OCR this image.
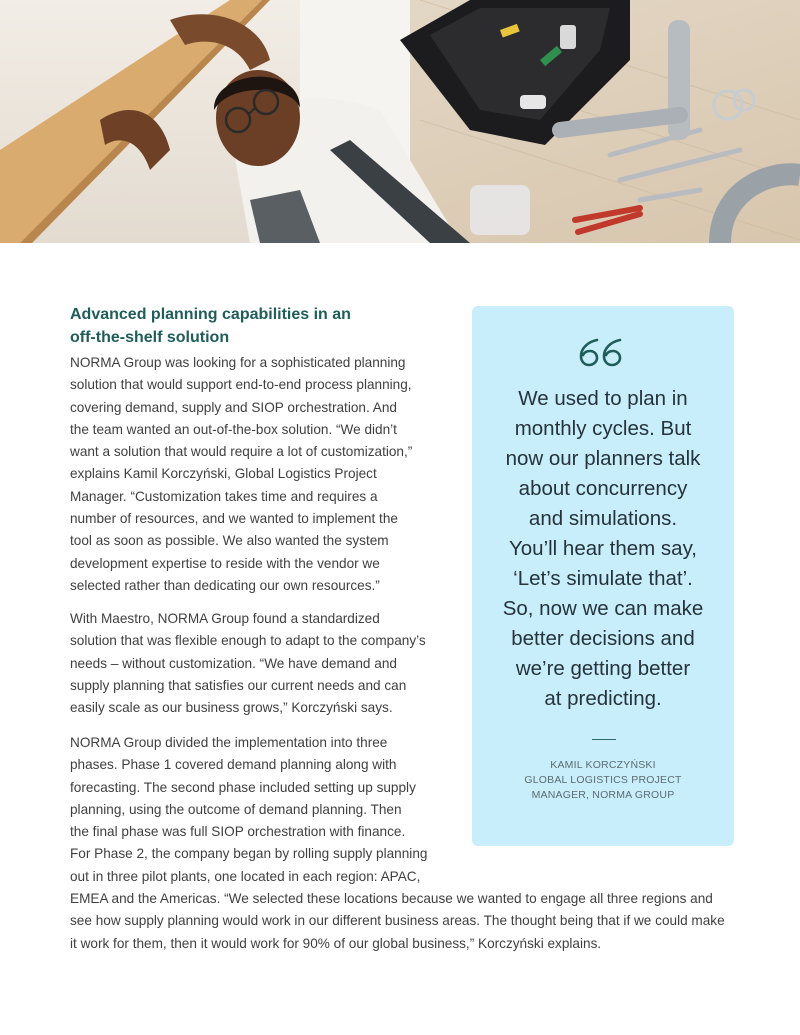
Advanced planning capabilities in an
off-the-shelf solution

NORMA Group was looking for a sophisticated planning
solution that would support end-to-end process planning,
covering demand, supply and SIOP orchestration. And
the team wanted an out-of-the-box solution. “We didn’t
want a solution that would require a lot of customization,”
explains Kamil Korczyński, Global Logistics Project
Manager. “Customization takes time and requires a
number of resources, and we wanted to implement the
tool as soon as possible. We also wanted the system
development expertise to reside with the vendor we
selected rather than dedicating our own resources.”

With Maestro, NORMA Group found a standardized
solution that was flexible enough to adapt to the company’s
needs – without customization. “We have demand and
supply planning that satisfies our current needs and can
easily scale as our business grows,” Korczyński says.

NORMA Group divided the implementation into three
phases. Phase 1 covered demand planning along with
forecasting. The second phase included setting up supply
planning, using the outcome of demand planning. Then
the final phase was full SIOP orchestration with finance.
For Phase 2, the company began by rolling supply planning
out in three pilot plants, one located in each region: APAC,
EMEA and the Americas. “We selected these locations because we wanted to engage all three regions and
see how supply planning would work in our different business areas. The thought being that if we could make
it work for them, then it would work for 90% of our global business,” Korczyński explains.

We used to plan in
monthly cycles. But
now our planners talk
about concurrency
and simulations.
You’ll hear them say,
‘Let’s simulate that’.
So, now we can make
better decisions and
we’re getting better
at predicting.

KAMIL KORCZYŃSKI
GLOBAL LOGISTICS PROJECT
MANAGER, NORMA GROUP
